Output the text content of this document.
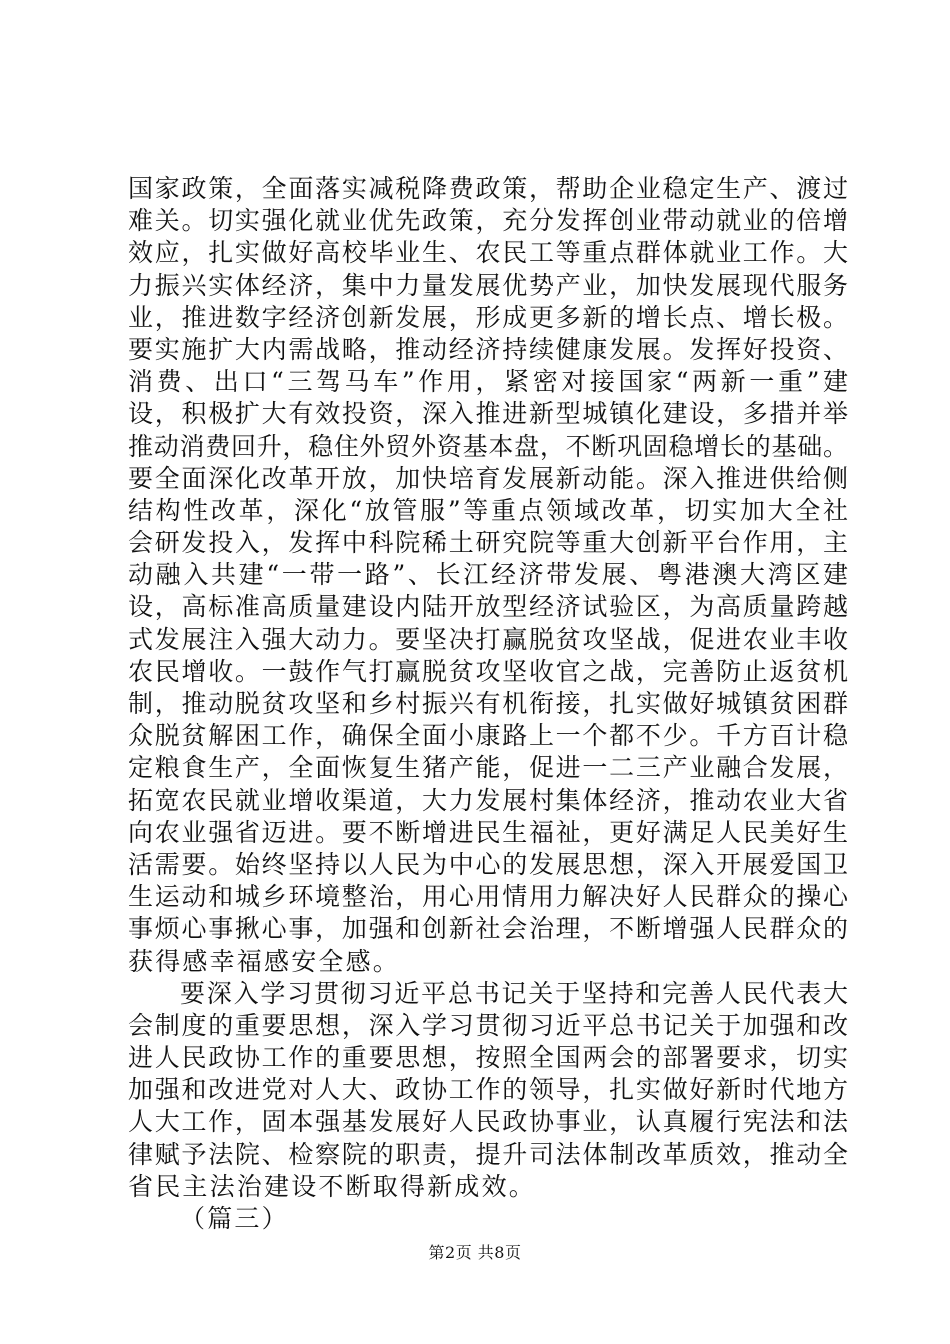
国家政策，全面落实减税降费政策，帮助企业稳定生产、渡过
难关。切实强化就业优先政策，充分发挥创业带动就业的倍增
效应，扎实做好高校毕业生、农民工等重点群体就业工作。大
力振兴实体经济，集中力量发展优势产业，加快发展现代服务
业，推进数字经济创新发展，形成更多新的增长点、增长极。
要实施扩大内需战略，推动经济持续健康发展。发挥好投资、
消费、出口“三驾马车”作用，紧密对接国家“两新一重”建
设，积极扩大有效投资，深入推进新型城镇化建设，多措并举
推动消费回升，稳住外贸外资基本盘，不断巩固稳增长的基础。
要全面深化改革开放，加快培育发展新动能。深入推进供给侧
结构性改革，深化“放管服”等重点领域改革，切实加大全社
会研发投入，发挥中科院稀土研究院等重大创新平台作用，主
动融入共建“一带一路”、长江经济带发展、粤港澳大湾区建
设，高标准高质量建设内陆开放型经济试验区，为高质量跨越
式发展注入强大动力。要坚决打赢脱贫攻坚战，促进农业丰收
农民增收。一鼓作气打赢脱贫攻坚收官之战，完善防止返贫机
制，推动脱贫攻坚和乡村振兴有机衔接，扎实做好城镇贫困群
众脱贫解困工作，确保全面小康路上一个都不少。千方百计稳
定粮食生产，全面恢复生猪产能，促进一二三产业融合发展，
拓宽农民就业增收渠道，大力发展村集体经济，推动农业大省
向农业强省迈进。要不断增进民生福祉，更好满足人民美好生
活需要。始终坚持以人民为中心的发展思想，深入开展爱国卫
生运动和城乡环境整治，用心用情用力解决好人民群众的操心
事烦心事揪心事，加强和创新社会治理，不断增强人民群众的
获得感幸福感安全感。
要深入学习贯彻习近平总书记关于坚持和完善人民代表大
会制度的重要思想，深入学习贯彻习近平总书记关于加强和改
进人民政协工作的重要思想，按照全国两会的部署要求，切实
加强和改进党对人大、政协工作的领导，扎实做好新时代地方
人大工作，固本强基发展好人民政协事业，认真履行宪法和法
律赋予法院、检察院的职责，提升司法体制改革质效，推动全
省民主法治建设不断取得新成效。
（篇三）
第2页 共8页
